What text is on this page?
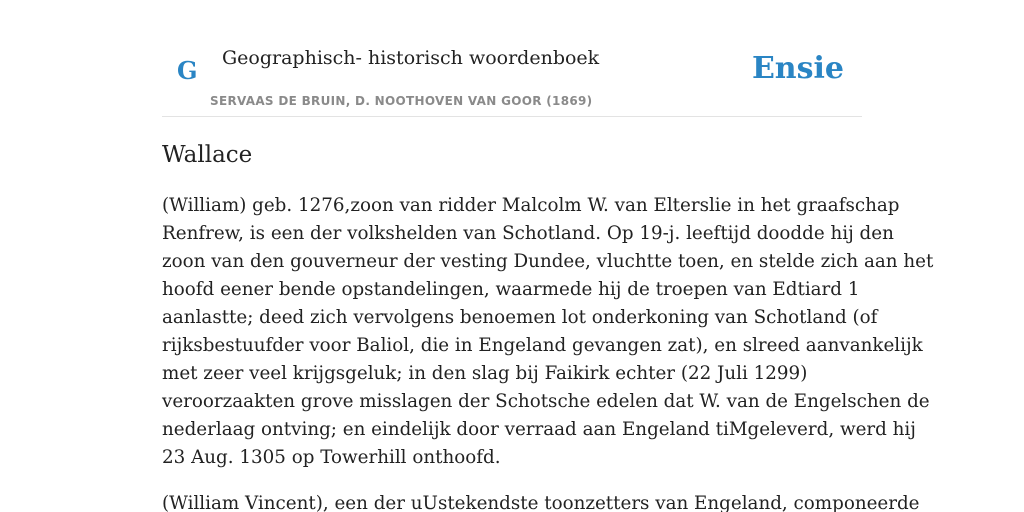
G Geographisch- historisch woordenboek
SERVAAS DE BRUIN, D. NOOTHOVEN VAN GOOR (1869)
Ensie
Wallace

(William) geb. 1276,zoon van ridder Malcolm W. van Elterslie in het graafschap
Renfrew, is een der volkshelden van Schotland. Op 19-j. leeftijd doodde hij den
zoon van den gouverneur der vesting Dundee, vluchtte toen, en stelde zich aan het
hoofd eener bende opstandelingen, waarmede hij de troepen van Edtiard 1
aanlastte; deed zich vervolgens benoemen lot onderkoning van Schotland (of
rijksbestuufder voor Baliol, die in Engeland gevangen zat), en slreed aanvankelijk
met zeer veel krijgsgeluk; in den slag bij Faikirk echter (22 Juli 1299)
veroorzaakten grove misslagen der Schotsche edelen dat W. van de Engelschen de
nederlaag ontving; en eindelijk door verraad aan Engeland tiMgeleverd, werd hij
23 Aug. 1305 op Towerhill onthoofd.

(William Vincent), een der uUstekendste toonzetters van Engeland, componeerde
